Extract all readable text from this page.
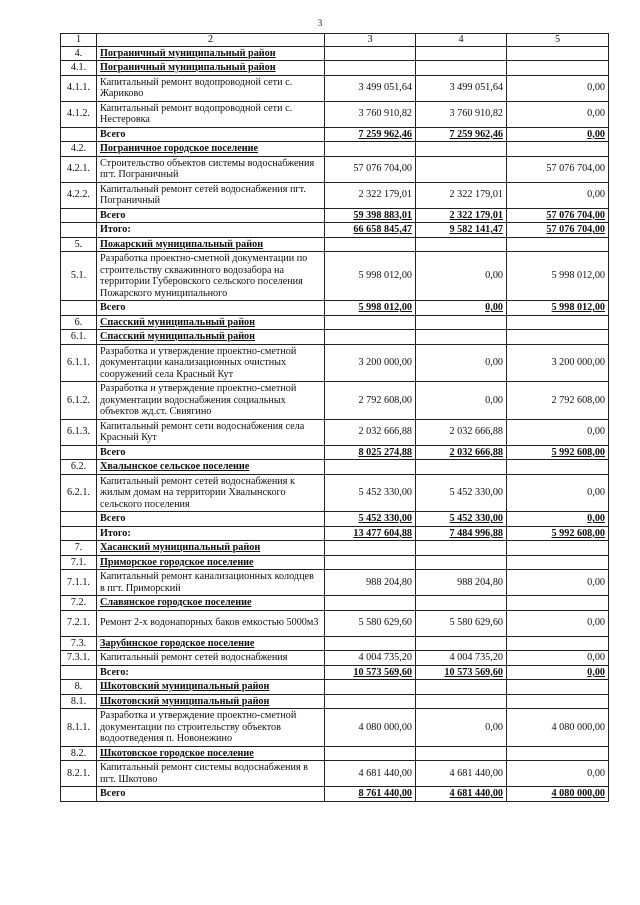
3
1	2	3	4	5
4.	Пограничный муниципальный район			
4.1.	Пограничный муниципальный район			
4.1.1.	Капитальный ремонт водопроводной сети с. Жариково	3 499 051,64	3 499 051,64	0,00
4.1.2.	Капитальный ремонт водопроводной сети с. Нестеровка	3 760 910,82	3 760 910,82	0,00
	Всего	7 259 962,46	7 259 962,46	0,00
4.2.	Пограничное городское поселение			
4.2.1.	Строительство объектов системы водоснабжения пгт. Пограничный	57 076 704,00		57 076 704,00
4.2.2.	Капитальный ремонт сетей водоснабжения пгт. Пограничный	2 322 179,01	2 322 179,01	0,00
	Всего	59 398 883,01	2 322 179,01	57 076 704,00
	Итого:	66 658 845,47	9 582 141,47	57 076 704,00
5.	Пожарский муниципальный район			
5.1.	Разработка проектно-сметной документации по строительству скважинного водозабора на территории Губеровского сельского поселения Пожарского муниципального	5 998 012,00	0,00	5 998 012,00
	Всего	5 998 012,00	0,00	5 998 012,00
6.	Спасский муниципальный район			
6.1.	Спасский муниципальный район			
6.1.1.	Разработка и утверждение проектно-сметной документации канализационных очистных сооружений села Красный Кут	3 200 000,00	0,00	3 200 000,00
6.1.2.	Разработка и утверждение проектно-сметной документации водоснабжения социальных объектов жд.ст. Свиягино	2 792 608,00	0,00	2 792 608,00
6.1.3.	Капитальный ремонт сети водоснабжения села Красный Кут	2 032 666,88	2 032 666,88	0,00
	Всего	8 025 274,88	2 032 666,88	5 992 608,00
6.2.	Хвалынское сельское поселение			
6.2.1.	Капитальный ремонт сетей водоснабжения к жилым домам на территории Хвалынского сельского поселения	5 452 330,00	5 452 330,00	0,00
	Всего	5 452 330,00	5 452 330,00	0,00
	Итого:	13 477 604,88	7 484 996,88	5 992 608,00
7.	Хасанский муниципальный район			
7.1.	Приморское городское поселение			
7.1.1.	Капитальный ремонт канализационных колодцев в пгт. Приморский	988 204,80	988 204,80	0,00
7.2.	Славянское городское поселение			
7.2.1.	Ремонт 2-х водонапорных баков емкостью 5000м3	5 580 629,60	5 580 629,60	0,00
7.3.	Зарубинское городское поселение			
7.3.1.	Капитальный ремонт сетей водоснабжения	4 004 735,20	4 004 735,20	0,00
	Всего:	10 573 569,60	10 573 569,60	0,00
8.	Шкотовский муниципальный район			
8.1.	Шкотовский муниципальный район			
8.1.1.	Разработка и утверждение проектно-сметной документации по строительству объектов водоотведения п. Новонежино	4 080 000,00	0,00	4 080 000,00
8.2.	Шкотовское городское поселение			
8.2.1.	Капитальный ремонт системы водоснабжения в пгт. Шкотово	4 681 440,00	4 681 440,00	0,00
	Всего	8 761 440,00	4 681 440,00	4 080 000,00
